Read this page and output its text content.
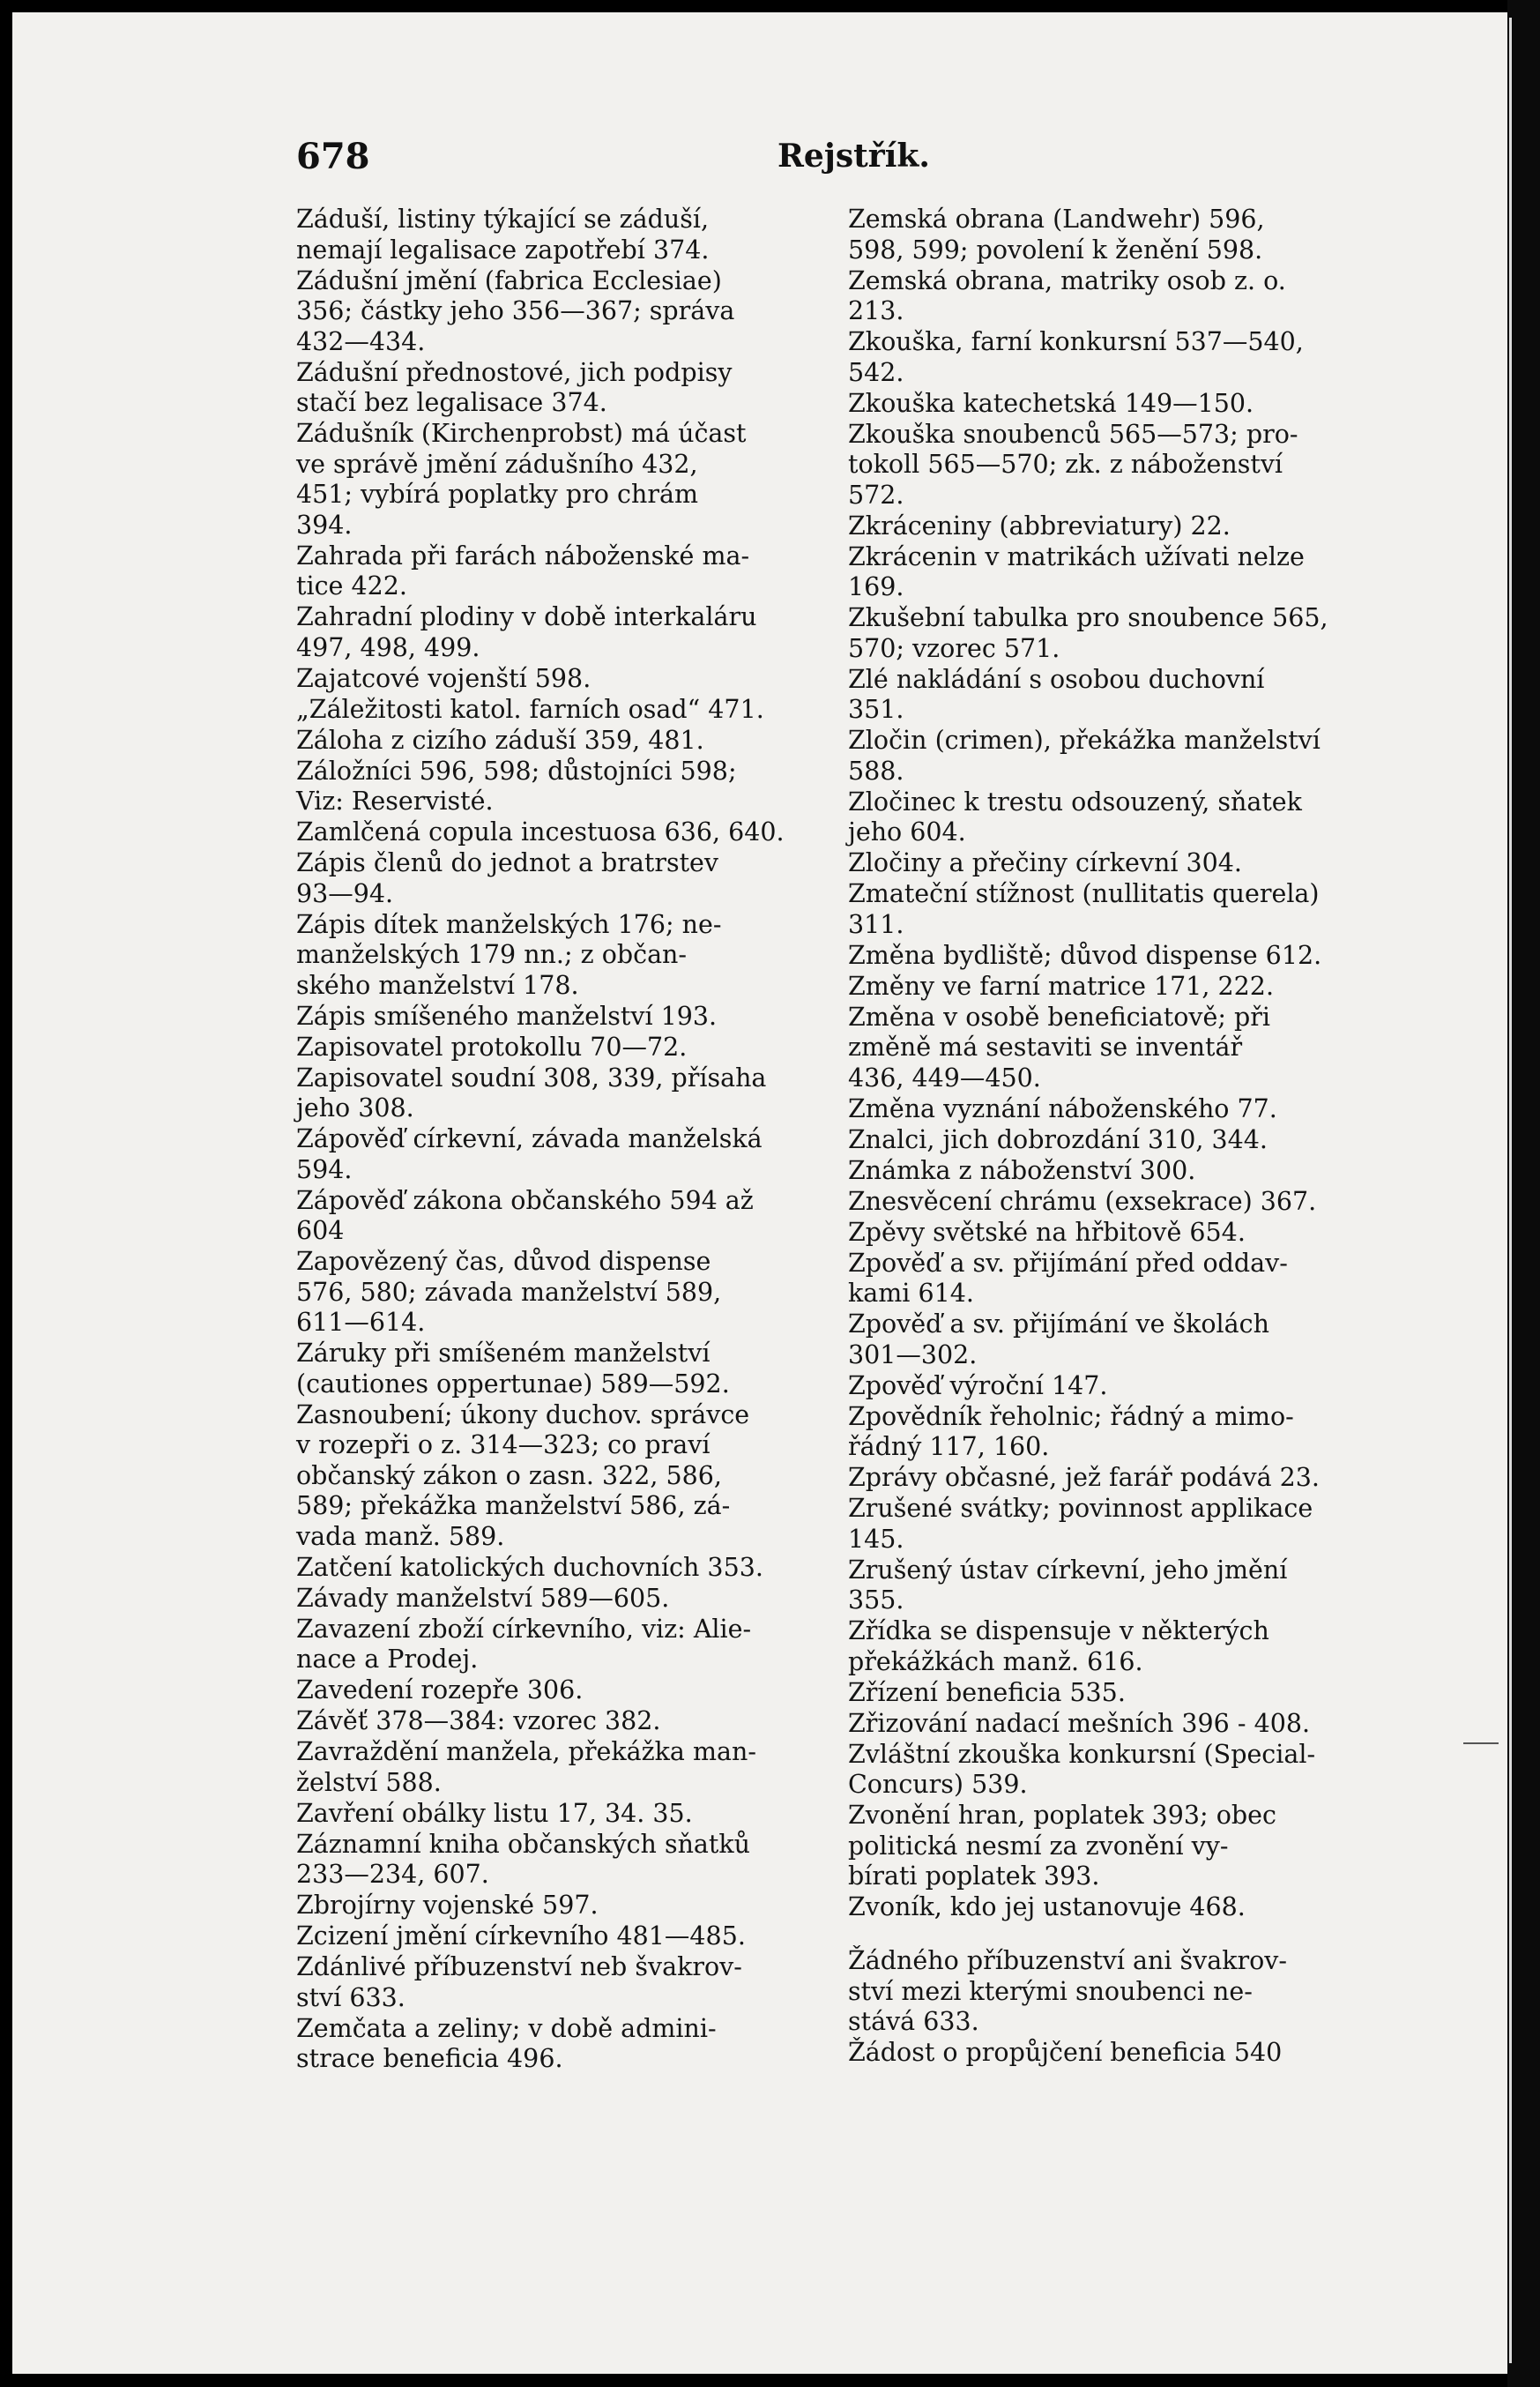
678	Rejstřík.
Záduší, listiny týkající se záduší,
nemají legalisace zapotřebí 374.
Zádušní jmění (fabrica Ecclesiae)
356; částky jeho 356—367; správa
432—434.
Zádušní přednostové, jich podpisy
stačí bez legalisace 374.
Zádušník (Kirchenprobst) má účast
ve správě jmění zádušního 432,
451; vybírá poplatky pro chrám
394.
Zahrada při farách náboženské ma-
tice 422.
Zahradní plodiny v době interkaláru
497, 498, 499.
Zajatcové vojenští 598.
„Záležitosti katol. farních osad“ 471.
Záloha z cizího záduší 359, 481.
Záložníci 596, 598; důstojníci 598;
Viz: Reservisté.
Zamlčená copula incestuosa 636, 640.
Zápis členů do jednot a bratrstev
93—94.
Zápis dítek manželských 176; ne-
manželských 179 nn.; z občan-
ského manželství 178.
Zápis smíšeného manželství 193.
Zapisovatel protokollu 70—72.
Zapisovatel soudní 308, 339, přísaha
jeho 308.
Zápověď církevní, závada manželská
594.
Zápověď zákona občanského 594 až
604
Zapovězený čas, důvod dispense
576, 580; závada manželství 589,
611—614.
Záruky při smíšeném manželství
(cautiones oppertunae) 589—592.
Zasnoubení; úkony duchov. správce
v rozepři o z. 314—323; co praví
občanský zákon o zasn. 322, 586,
589; překážka manželství 586, zá-
vada manž. 589.
Zatčení katolických duchovních 353.
Závady manželství 589—605.
Zavazení zboží církevního, viz: Alie-
nace a Prodej.
Zavedení rozepře 306.
Závěť 378—384: vzorec 382.
Zavraždění manžela, překážka man-
želství 588.
Zavření obálky listu 17, 34. 35.
Záznamní kniha občanských sňatků
233—234, 607.
Zbrojírny vojenské 597.
Zcizení jmění církevního 481—485.
Zdánlivé příbuzenství neb švakrov-
ství 633.
Zemčata a zeliny; v době admini-
strace beneficia 496.
Zemská obrana (Landwehr) 596,
598, 599; povolení k ženění 598.
Zemská obrana, matriky osob z. o.
213.
Zkouška, farní konkursní 537—540,
542.
Zkouška katechetská 149—150.
Zkouška snoubenců 565—573; pro-
tokoll 565—570; zk. z náboženství
572.
Zkráceniny (abbreviatury) 22.
Zkrácenin v matrikách užívati nelze
169.
Zkušební tabulka pro snoubence 565,
570; vzorec 571.
Zlé nakládání s osobou duchovní
351.
Zločin (crimen), překážka manželství
588.
Zločinec k trestu odsouzený, sňatek
jeho 604.
Zločiny a přečiny církevní 304.
Zmateční stížnost (nullitatis querela)
311.
Změna bydliště; důvod dispense 612.
Změny ve farní matrice 171, 222.
Změna v osobě beneficiatově; při
změně má sestaviti se inventář
436, 449—450.
Změna vyznání náboženského 77.
Znalci, jich dobrozdání 310, 344.
Známka z náboženství 300.
Znesvěcení chrámu (exsekrace) 367.
Zpěvy světské na hřbitově 654.
Zpověď a sv. přijímání před oddav-
kami 614.
Zpověď a sv. přijímání ve školách
301—302.
Zpověď výroční 147.
Zpovědník řeholnic; řádný a mimo-
řádný 117, 160.
Zprávy občasné, jež farář podává 23.
Zrušené svátky; povinnost applikace
145.
Zrušený ústav církevní, jeho jmění
355.
Zřídka se dispensuje v některých
překážkách manž. 616.
Zřízení beneficia 535.
Zřizování nadací mešních 396 - 408.
Zvláštní zkouška konkursní (Special-
Concurs) 539.
Zvonění hran, poplatek 393; obec
politická nesmí za zvonění vy-
bírati poplatek 393.
Zvoník, kdo jej ustanovuje 468.
Žádného příbuzenství ani švakrov-
ství mezi kterými snoubenci ne-
stává 633.
Žádost o propůjčení beneficia 540
